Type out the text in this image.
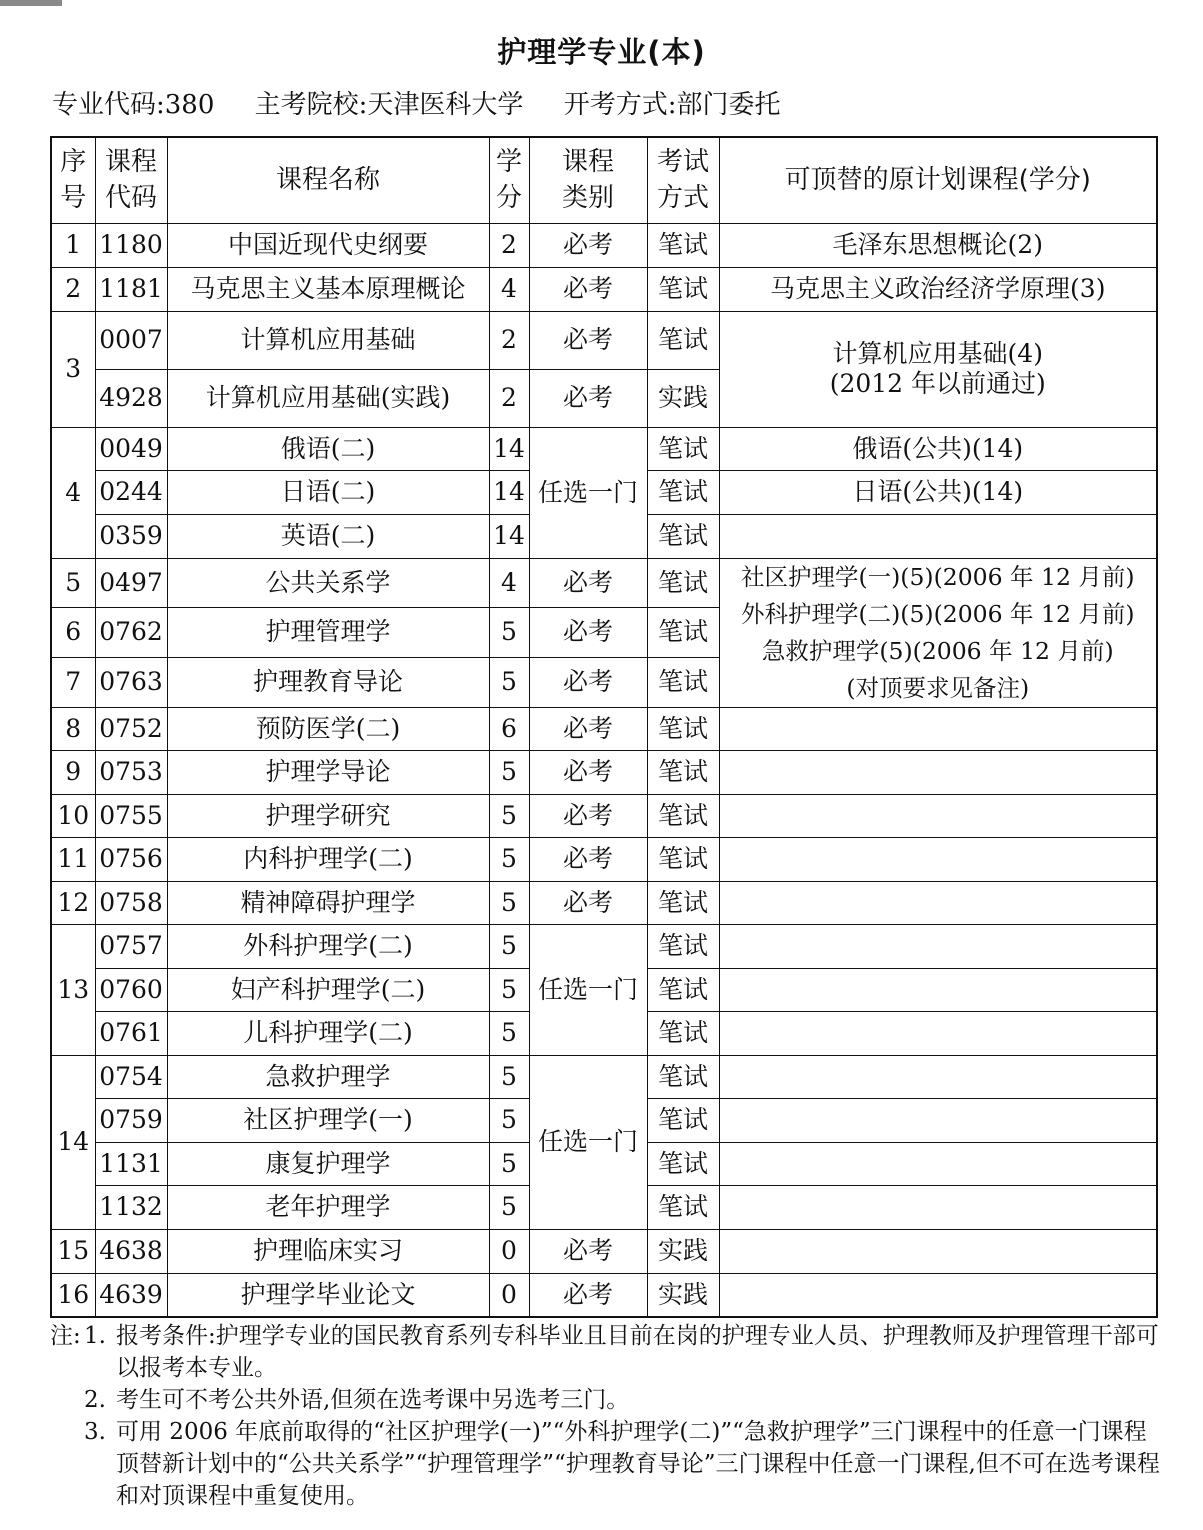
护理学专业(本)
专业代码:380 主考院校:天津医科大学 开考方式:部门委托
序号	课程代码	课程名称	学分	课程类别	考试方式	可顶替的原计划课程(学分)
1	1180	中国近现代史纲要	2	必考	笔试	毛泽东思想概论(2)
2	1181	马克思主义基本原理概论	4	必考	笔试	马克思主义政治经济学原理(3)
3	0007	计算机应用基础	2	必考	笔试	计算机应用基础(4)
(2012 年以前通过)

	4928	计算机应用基础(实践)	2	必考	实践	
4	0049	俄语(二)	14	任选一门	笔试	俄语(公共)(14)
	0244	日语(二)	14		笔试	日语(公共)(14)
	0359	英语(二)	14		笔试	
5	0497	公共关系学	4	必考	笔试	社区护理学(一)(5)(2006 年 12 月前)
外科护理学(二)(5)(2006 年 12 月前)
急救护理学(5)(2006 年 12 月前)
(对顶要求见备注)

6	0762	护理管理学	5	必考	笔试	
7	0763	护理教育导论	5	必考	笔试	
8	0752	预防医学(二)	6	必考	笔试	
9	0753	护理学导论	5	必考	笔试	
10	0755	护理学研究	5	必考	笔试	
11	0756	内科护理学(二)	5	必考	笔试	
12	0758	精神障碍护理学	5	必考	笔试	
13	0757	外科护理学(二)	5	任选一门	笔试	
	0760	妇产科护理学(二)	5		笔试	
	0761	儿科护理学(二)	5		笔试	
14	0754	急救护理学	5	任选一门	笔试	
	0759	社区护理学(一)	5		笔试	
	1131	康复护理学	5		笔试	
	1132	老年护理学	5		笔试	
15	4638	护理临床实习	0	必考	实践	
16	4639	护理学毕业论文	0	必考	实践	

注: 1. 报考条件:护理学专业的国民教育系列专科毕业且目前在岗的护理专业人员、护理教师及护理管理干部可以报考本专业。

2. 考生可不考公共外语,但须在选考课中另选考三门。

3. 可用 2006 年底前取得的“社区护理学(一)”“外科护理学(二)”“急救护理学”三门课程中的任意一门课程顶替新计划中的“公共关系学”“护理管理学”“护理教育导论”三门课程中任意一门课程,但不可在选考课程和对顶课程中重复使用。
